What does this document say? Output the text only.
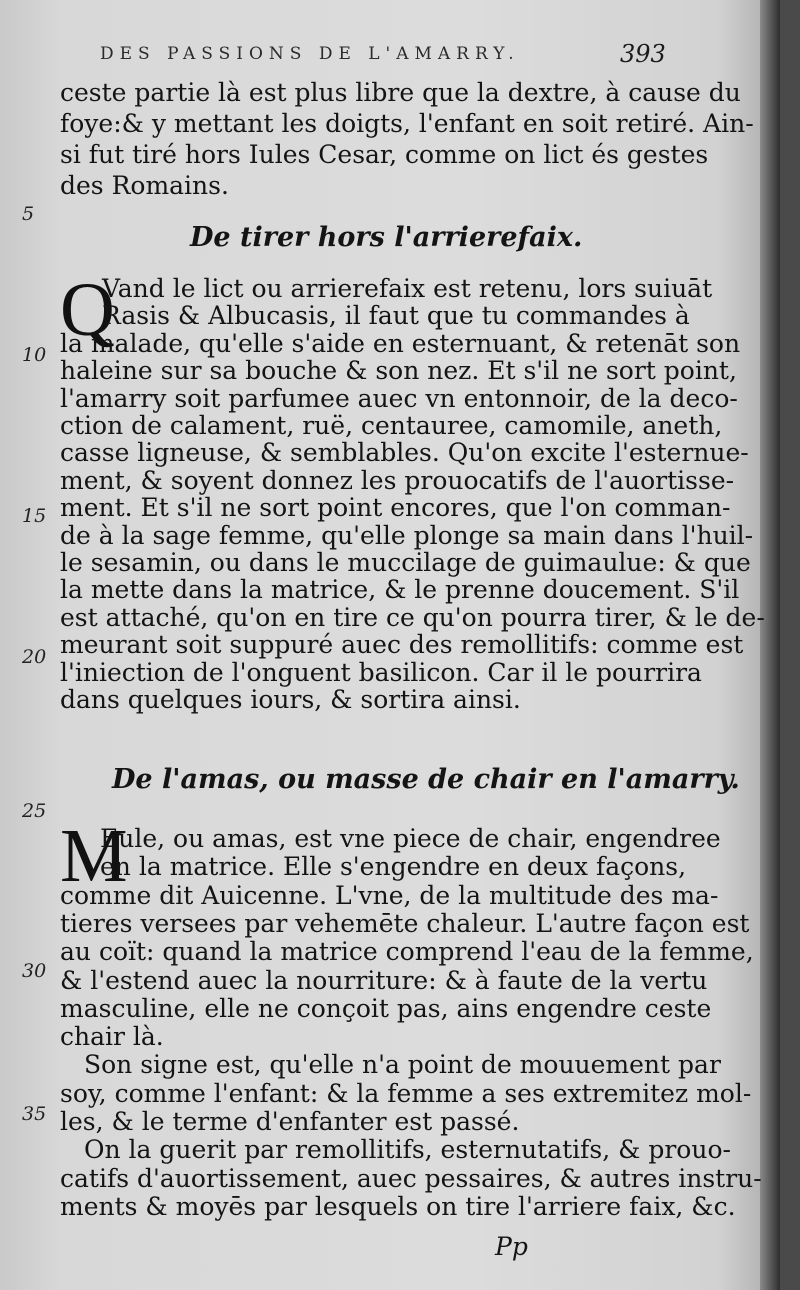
DES PASSIONS DE L'AMARRY.	393
ceste partie là est plus libre que la dextre, à cause du
foye:& y mettant les doigts, l'enfant en soit retiré. Ain-
si fut tiré hors Iules Cesar, comme on lict és gestes
des Romains.
De tirer hors l'arrierefaix.
Q
Vand le lict ou arrierefaix est retenu, lors suiuāt
Rasis & Albucasis, il faut que tu commandes à
la malade, qu'elle s'aide en esternuant, & retenāt son
haleine sur sa bouche & son nez. Et s'il ne sort point,
l'amarry soit parfumee auec vn entonnoir, de la deco-
ction de calament, ruë, centauree, camomile, aneth,
casse ligneuse, & semblables. Qu'on excite l'esternue-
ment, & soyent donnez les prouocatifs de l'auortisse-
ment. Et s'il ne sort point encores, que l'on comman-
de à la sage femme, qu'elle plonge sa main dans l'huil-
le sesamin, ou dans le muccilage de guimaulue: & que
la mette dans la matrice, & le prenne doucement. S'il
est attaché, qu'on en tire ce qu'on pourra tirer, & le de-
meurant soit suppuré auec des remollitifs: comme est
l'iniection de l'onguent basilicon. Car il le pourrira
dans quelques iours, & sortira ainsi.
De l'amas, ou masse de chair en l'amarry.
M
Eule, ou amas, est vne piece de chair, engendree
en la matrice. Elle s'engendre en deux façons,
comme dit Auicenne. L'vne, de la multitude des ma-
tieres versees par vehemēte chaleur. L'autre façon est
au coït: quand la matrice comprend l'eau de la femme,
& l'estend auec la nourriture: & à faute de la vertu
masculine, elle ne conçoit pas, ains engendre ceste
chair là.
Son signe est, qu'elle n'a point de mouuement par
soy, comme l'enfant: & la femme a ses extremitez mol-
les, & le terme d'enfanter est passé.
On la guerit par remollitifs, esternutatifs, & prouo-
catifs d'auortissement, auec pessaires, & autres instru-
ments & moyēs par lesquels on tire l'arriere faix, &c.
5
10
15
20
25
30
35
Pp
